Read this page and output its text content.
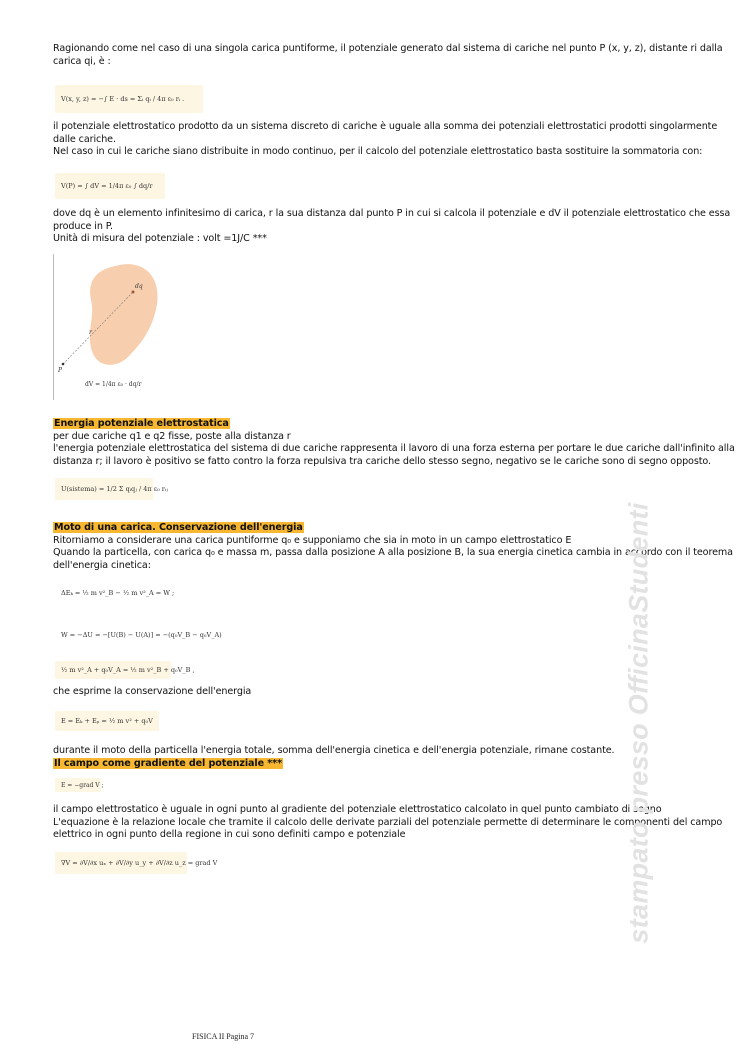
Ragionando come nel caso di una singola carica puntiforme, il potenziale generato dal sistema di cariche nel punto P (x, y, z), distante ri dalla carica qi, è :
V(x, y, z) = −∫ E · ds = Σᵢ qᵢ / 4π ε₀ rᵢ .
il potenziale elettrostatico prodotto da un sistema discreto di cariche è uguale alla somma dei potenziali elettrostatici prodotti singolarmente dalle cariche.
Nel caso in cui le cariche siano distribuite in modo continuo, per il calcolo del potenziale elettrostatico basta sostituire la sommatoria con:
V(P) = ∫ dV = 1/4π ε₀ ∫ dq/r
dove dq è un elemento infinitesimo di carica, r la sua distanza dal punto P in cui si calcola il potenziale e dV il potenziale elettrostatico che essa produce in P.
Unità di misura del potenziale : volt =1J/C ***
dq
r
P
dV = 1/4π ε₀ · dq/r
Energia potenziale elettrostatica
per due cariche q1 e q2 fisse, poste alla distanza r
l'energia potenziale elettrostatica del sistema di due cariche rappresenta il lavoro di una forza esterna per portare le due cariche dall'infinito alla distanza r; il lavoro è positivo se fatto contro la forza repulsiva tra cariche dello stesso segno, negativo se le cariche sono di segno opposto.
U(sistema) = 1/2 Σ qᵢqⱼ / 4π ε₀ rᵢⱼ
Moto di una carica. Conservazione dell'energia
Ritorniamo a considerare una carica puntiforme q₀ e supponiamo che sia in moto in un campo elettrostatico E
Quando la particella, con carica q₀ e massa m, passa dalla posizione A alla posizione B, la sua energia cinetica cambia in accordo con il teorema dell'energia cinetica:
ΔEₖ = ½ m v²_B − ½ m v²_A = W ;
W = −ΔU = −[U(B) − U(A)] = −(q₀V_B − q₀V_A)
½ m v²_A + q₀V_A = ½ m v²_B + q₀V_B ,
che esprime la conservazione dell'energia
E = Eₖ + Eₚ = ½ m v² + q₀V
durante il moto della particella l'energia totale, somma dell'energia cinetica e dell'energia potenziale, rimane costante.
Il campo come gradiente del potenziale ***
E = −grad V ;
il campo elettrostatico è uguale in ogni punto al gradiente del potenziale elettrostatico calcolato in quel punto cambiato di segno
L'equazione è la relazione locale che tramite il calcolo delle derivate parziali del potenziale permette di determinare le componenti del campo elettrico in ogni punto della regione in cui sono definiti campo e potenziale
∇V = ∂V/∂x uₓ + ∂V/∂y u_y + ∂V/∂z u_z = grad V	stampato presso OfficinaStudenti
FISICA II Pagina 7
